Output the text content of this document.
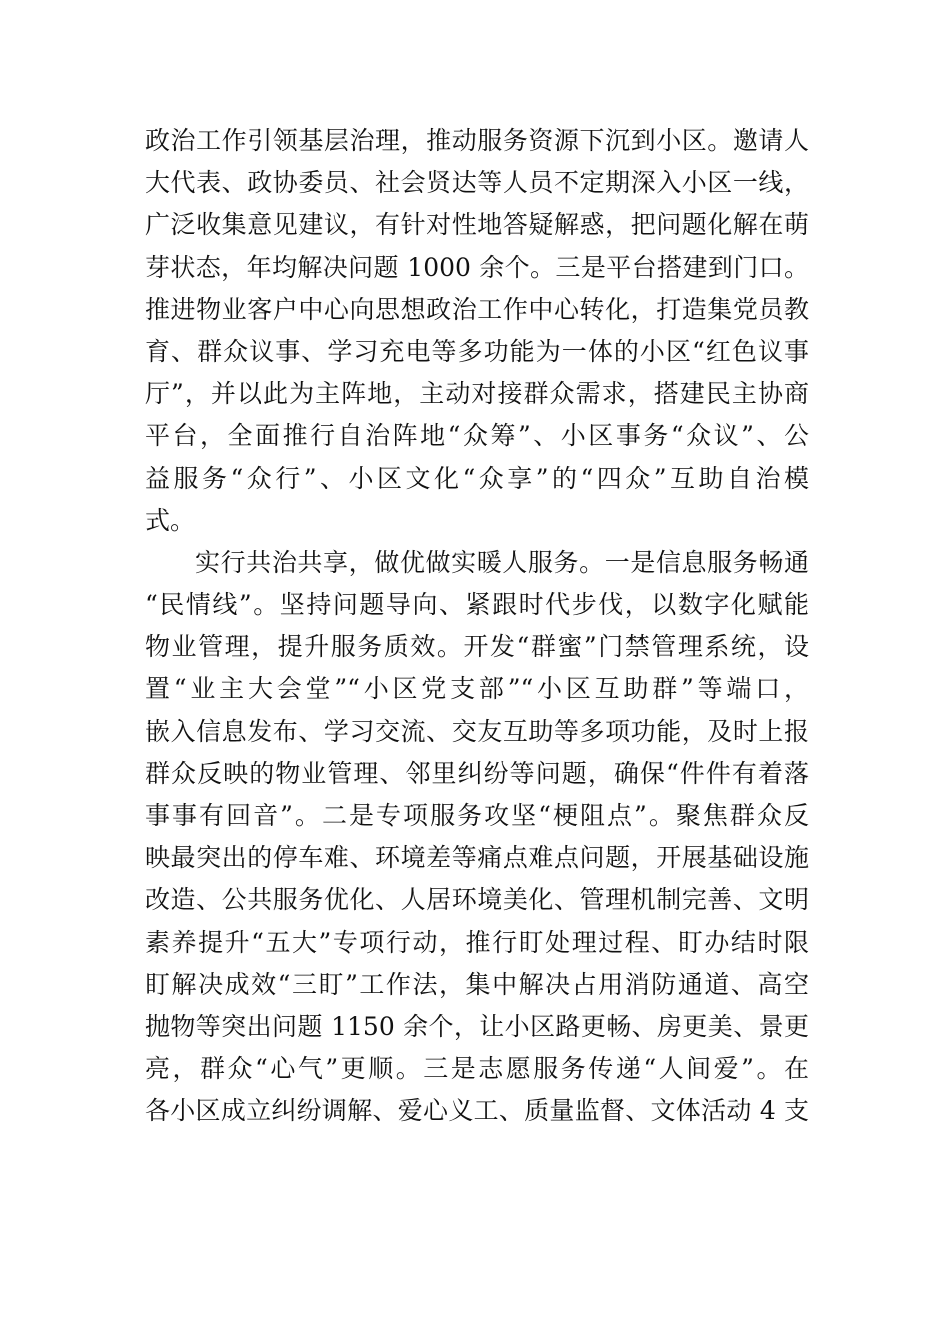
政治工作引领基层治理，推动服务资源下沉到小区。邀请人

大代表、政协委员、社会贤达等人员不定期深入小区一线，

广泛收集意见建议，有针对性地答疑解惑，把问题化解在萌

芽状态，年均解决问题 1000 余个。三是平台搭建到门口。

推进物业客户中心向思想政治工作中心转化，打造集党员教

育、群众议事、学习充电等多功能为一体的小区“红色议事

厅”，并以此为主阵地，主动对接群众需求，搭建民主协商

平台，全面推行自治阵地“众筹”、小区事务“众议”、公

益服务“众行”、小区文化“众享”的“四众”互助自治模

式。

实行共治共享，做优做实暖人服务。一是信息服务畅通

“民情线”。坚持问题导向、紧跟时代步伐，以数字化赋能

物业管理，提升服务质效。开发“群蜜”门禁管理系统，设

置“业主大会堂”“小区党支部”“小区互助群”等端口，

嵌入信息发布、学习交流、交友互助等多项功能，及时上报

群众反映的物业管理、邻里纠纷等问题，确保“件件有着落

事事有回音”。二是专项服务攻坚“梗阻点”。聚焦群众反

映最突出的停车难、环境差等痛点难点问题，开展基础设施

改造、公共服务优化、人居环境美化、管理机制完善、文明

素养提升“五大”专项行动，推行盯处理过程、盯办结时限

盯解决成效“三盯”工作法，集中解决占用消防通道、高空

抛物等突出问题 1150 余个，让小区路更畅、房更美、景更

亮，群众“心气”更顺。三是志愿服务传递“人间爱”。在

各小区成立纠纷调解、爱心义工、质量监督、文体活动 4 支
